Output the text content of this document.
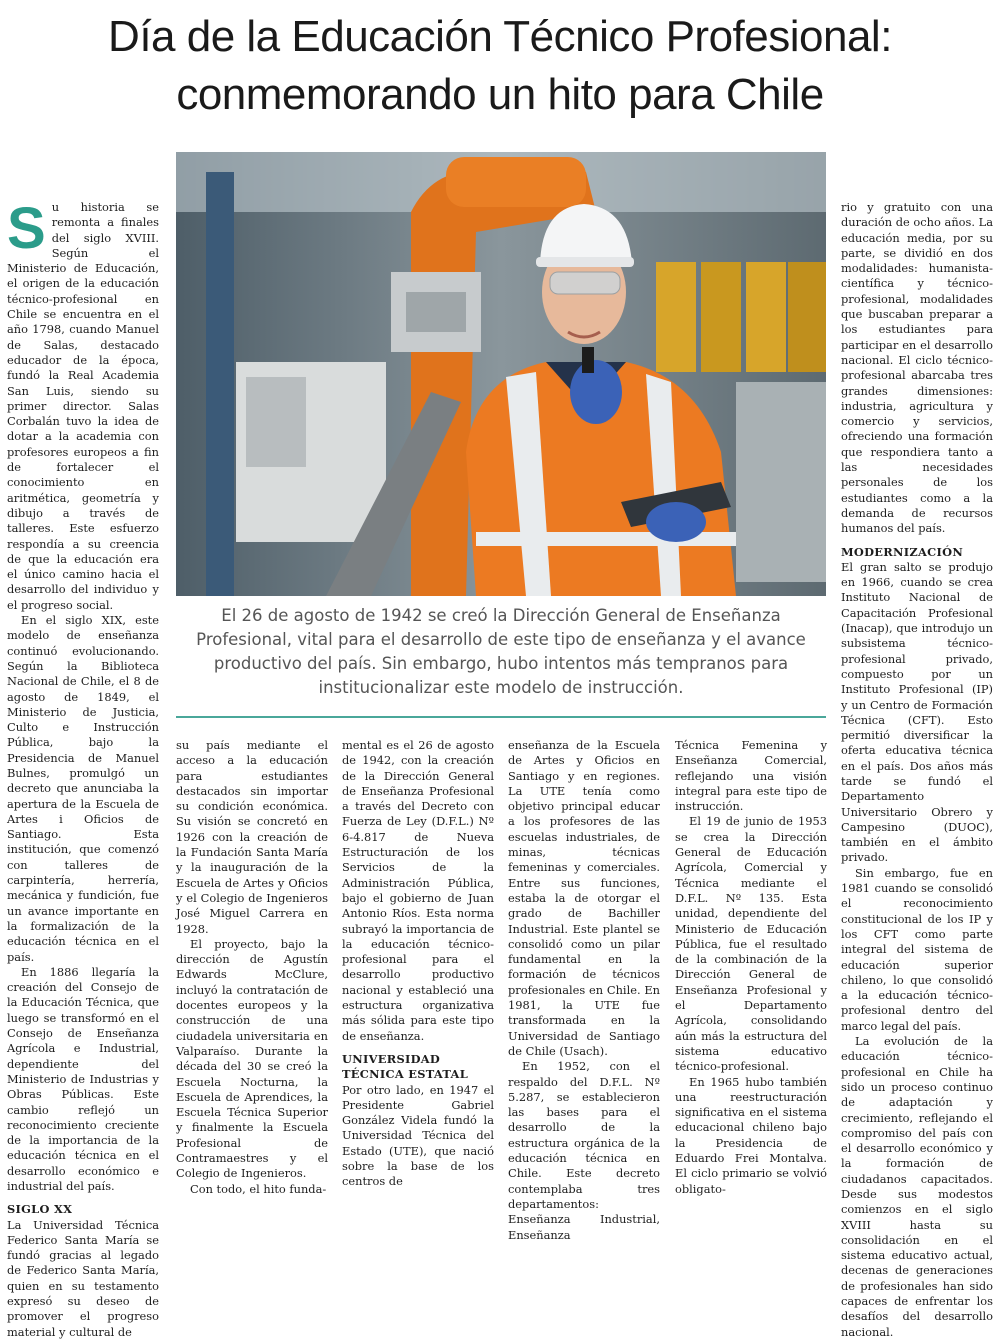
Día de la Educación Técnico Profesional:
conmemorando un hito para Chile
S u historia se remonta a finales del siglo XVIII. Según el Ministerio de Educación, el origen de la educación técnico-profesional en Chile se encuentra en el año 1798, cuando Manuel de Salas, destacado educador de la época, fundó la Real Academia San Luis, siendo su primer director. Salas Corbalán tuvo la idea de dotar a la academia con profesores europeos a fin de fortalecer el conocimiento en aritmética, geometría y dibujo a través de talleres. Este esfuerzo respondía a su creencia de que la educación era el único camino hacia el desarrollo del individuo y el progreso social.

En el siglo XIX, este modelo de enseñanza continuó evolucionando. Según la Biblioteca Nacional de Chile, el 8 de agosto de 1849, el Ministerio de Justicia, Culto e Instrucción Pública, bajo la Presidencia de Manuel Bulnes, promulgó un decreto que anunciaba la apertura de la Escuela de Artes i Oficios de Santiago. Esta institución, que comenzó con talleres de carpintería, herrería, mecánica y fundición, fue un avance importante en la formalización de la educación técnica en el país.

En 1886 llegaría la creación del Consejo de la Educación Técnica, que luego se transformó en el Consejo de Enseñanza Agrícola e Industrial, dependiente del Ministerio de Industrias y Obras Públicas. Este cambio reflejó un reconocimiento creciente de la importancia de la educación técnica en el desarrollo económico e industrial del país.

SIGLO XX

La Universidad Técnica Federico Santa María se fundó gracias al legado de Federico Santa María, quien en su testamento expresó su deseo de promover el progreso material y cultural de

El 26 de agosto de 1942 se creó la Dirección General de Enseñanza Profesional, vital para el desarrollo de este tipo de enseñanza y el avance productivo del país. Sin embargo, hubo intentos más tempranos para institucionalizar este modelo de instrucción.

su país mediante el acceso a la educación para estudiantes destacados sin importar su condición económica. Su visión se concretó en 1926 con la creación de la Fundación Santa María y la inauguración de la Escuela de Artes y Oficios y el Colegio de Ingenieros José Miguel Carrera en 1928.

El proyecto, bajo la dirección de Agustín Edwards McClure, incluyó la contratación de docentes europeos y la construcción de una ciudadela universitaria en Valparaíso. Durante la década del 30 se creó la Escuela Nocturna, la Escuela de Aprendices, la Escuela Técnica Superior y finalmente la Escuela Profesional de Contramaestres y el Colegio de Ingenieros.

Con todo, el hito funda-

mental es el 26 de agosto de 1942, con la creación de la Dirección General de Enseñanza Profesional a través del Decreto con Fuerza de Ley (D.F.L.) Nº 6-4.817 de Nueva Estructuración de los Servicios de la Administración Pública, bajo el gobierno de Juan Antonio Ríos. Esta norma subrayó la importancia de la educación técnico-profesional para el desarrollo productivo nacional y estableció una estructura organizativa más sólida para este tipo de enseñanza.

UNIVERSIDAD TÉCNICA ESTATAL

Por otro lado, en 1947 el Presidente Gabriel González Videla fundó la Universidad Técnica del Estado (UTE), que nació sobre la base de los centros de

enseñanza de la Escuela de Artes y Oficios en Santiago y en regiones. La UTE tenía como objetivo principal educar a los profesores de las escuelas industriales, de minas, técnicas femeninas y comerciales. Entre sus funciones, estaba la de otorgar el grado de Bachiller Industrial. Este plantel se consolidó como un pilar fundamental en la formación de técnicos profesionales en Chile. En 1981, la UTE fue transformada en la Universidad de Santiago de Chile (Usach).

En 1952, con el respaldo del D.F.L. Nº 5.287, se establecieron las bases para el desarrollo de la estructura orgánica de la educación técnica en Chile. Este decreto contemplaba tres departamentos: Enseñanza Industrial, Enseñanza

Técnica Femenina y Enseñanza Comercial, reflejando una visión integral para este tipo de instrucción.

El 19 de junio de 1953 se crea la Dirección General de Educación Agrícola, Comercial y Técnica mediante el D.F.L. Nº 135. Esta unidad, dependiente del Ministerio de Educación Pública, fue el resultado de la combinación de la Dirección General de Enseñanza Profesional y el Departamento Agrícola, consolidando aún más la estructura del sistema educativo técnico-profesional.

En 1965 hubo también una reestructuración significativa en el sistema educacional chileno bajo la Presidencia de Eduardo Frei Montalva. El ciclo primario se volvió obligato-

rio y gratuito con una duración de ocho años. La educación media, por su parte, se dividió en dos modalidades: humanista-científica y técnico-profesional, modalidades que buscaban preparar a los estudiantes para participar en el desarrollo nacional. El ciclo técnico-profesional abarcaba tres grandes dimensiones: industria, agricultura y comercio y servicios, ofreciendo una formación que respondiera tanto a las necesidades personales de los estudiantes como a la demanda de recursos humanos del país.

MODERNIZACIÓN

El gran salto se produjo en 1966, cuando se crea Instituto Nacional de Capacitación Profesional (Inacap), que introdujo un subsistema técnico-profesional privado, compuesto por un Instituto Profesional (IP) y un Centro de Formación Técnica (CFT). Esto permitió diversificar la oferta educativa técnica en el país. Dos años más tarde se fundó el Departamento Universitario Obrero y Campesino (DUOC), también en el ámbito privado.

Sin embargo, fue en 1981 cuando se consolidó el reconocimiento constitucional de los IP y los CFT como parte integral del sistema de educación superior chileno, lo que consolidó a la educación técnico-profesional dentro del marco legal del país.

La evolución de la educación técnico-profesional en Chile ha sido un proceso continuo de adaptación y crecimiento, reflejando el compromiso del país con el desarrollo económico y la formación de ciudadanos capacitados. Desde sus modestos comienzos en el siglo XVIII hasta su consolidación en el sistema educativo actual, decenas de generaciones de profesionales han sido capaces de enfrentar los desafíos del desarrollo nacional.
